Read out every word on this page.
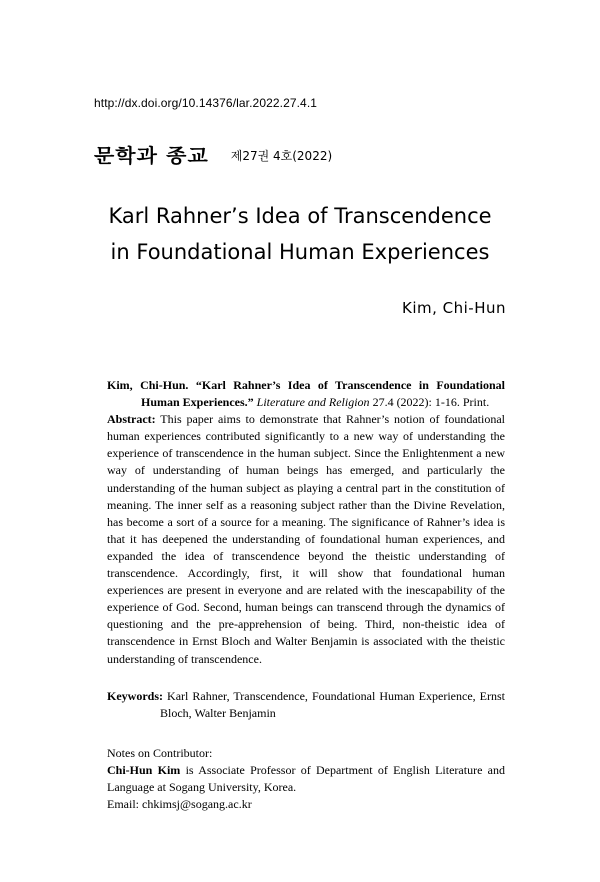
http://dx.doi.org/10.14376/lar.2022.27.4.1
문학과 종교 제27권 4호(2022)
Karl Rahner’s Idea of Transcendence
in Foundational Human Experiences
Kim, Chi-Hun

Kim, Chi-Hun. “Karl Rahner’s Idea of Transcendence in Foundational Human Experiences.” Literature and Religion 27.4 (2022): 1-16. Print.

Abstract: This paper aims to demonstrate that Rahner’s notion of foundational human experiences contributed significantly to a new way of understanding the experience of transcendence in the human subject. Since the Enlightenment a new way of understanding of human beings has emerged, and particularly the understanding of the human subject as playing a central part in the constitution of meaning. The inner self as a reasoning subject rather than the Divine Revelation, has become a sort of a source for a meaning. The significance of Rahner’s idea is that it has deepened the understanding of foundational human experiences, and expanded the idea of transcendence beyond the theistic understanding of transcendence. Accordingly, first, it will show that foundational human experiences are present in everyone and are related with the inescapability of the experience of God. Second, human beings can transcend through the dynamics of questioning and the pre-apprehension of being. Third, non-theistic idea of transcendence in Ernst Bloch and Walter Benjamin is associated with the theistic understanding of transcendence.

Keywords: Karl Rahner, Transcendence, Foundational Human Experience, Ernst Bloch, Walter Benjamin

Notes on Contributor:

Chi-Hun Kim is Associate Professor of Department of English Literature and Language at Sogang University, Korea.

Email: chkimsj@sogang.ac.kr
